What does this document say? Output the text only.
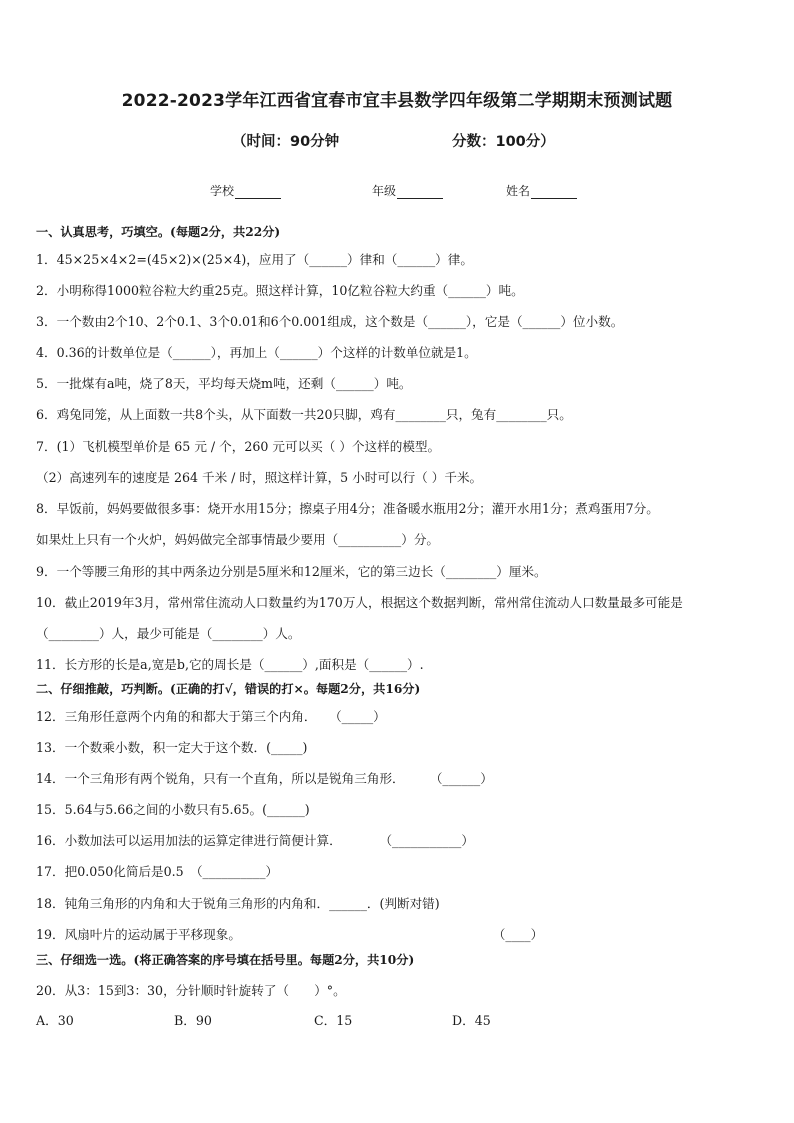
2022-2023学年江西省宜春市宜丰县数学四年级第二学期期末预测试题
（时间：90分钟	分数：100分）
学校	年级	姓名
一、认真思考，巧填空。(每题2分，共22分)
1．45×25×4×2=(45×2)×(25×4)，应用了（______）律和（______）律。
2．小明称得1000粒谷粒大约重25克。照这样计算，10亿粒谷粒大约重（______）吨。
3．一个数由2个10、2个0.1、3个0.01和6个0.001组成，这个数是（______），它是（______）位小数。
4．0.36的计数单位是（______），再加上（______）个这样的计数单位就是1。
5．一批煤有a吨，烧了8天，平均每天烧m吨，还剩（______）吨。
6．鸡兔同笼，从上面数一共8个头，从下面数一共20只脚，鸡有________只，兔有________只。
7．(1）飞机模型单价是 65 元 / 个，260 元可以买（ ）个这样的模型。
（2）高速列车的速度是 264 千米 / 时，照这样计算，5 小时可以行（ ）千米。
8．早饭前，妈妈要做很多事：烧开水用15分；擦桌子用4分；准备暖水瓶用2分；灌开水用1分；煮鸡蛋用7分。
如果灶上只有一个火炉，妈妈做完全部事情最少要用（__________）分。
9．一个等腰三角形的其中两条边分别是5厘米和12厘米，它的第三边长（________）厘米。
10．截止2019年3月，常州常住流动人口数量约为170万人，根据这个数据判断，常州常住流动人口数量最多可能是
（________）人，最少可能是（________）人。
11．长方形的长是a,宽是b,它的周长是（______）,面积是（______）.
二、仔细推敲，巧判断。(正确的打√，错误的打×。每题2分，共16分)
12．三角形任意两个内角的和都大于第三个内角．　　（_____）
13．一个数乘小数，积一定大于这个数．(_____)
14．一个三角形有两个锐角，只有一个直角，所以是锐角三角形．　　　（______）
15．5.64与5.66之间的小数只有5.65。(______)
16．小数加法可以运用加法的运算定律进行简便计算．　　　　（___________）
17．把0.050化简后是0.5　（__________）
18．钝角三角形的内角和大于锐角三角形的内角和．______．(判断对错)
19．风扇叶片的运动属于平移现象。　　　　　　　　　　　　　　　　　　　　　（____）
三、仔细选一选。(将正确答案的序号填在括号里。每题2分，共10分)
20．从3：15到3：30，分针顺时针旋转了（　　）°。
A．30	B．90	C．15	D．45
